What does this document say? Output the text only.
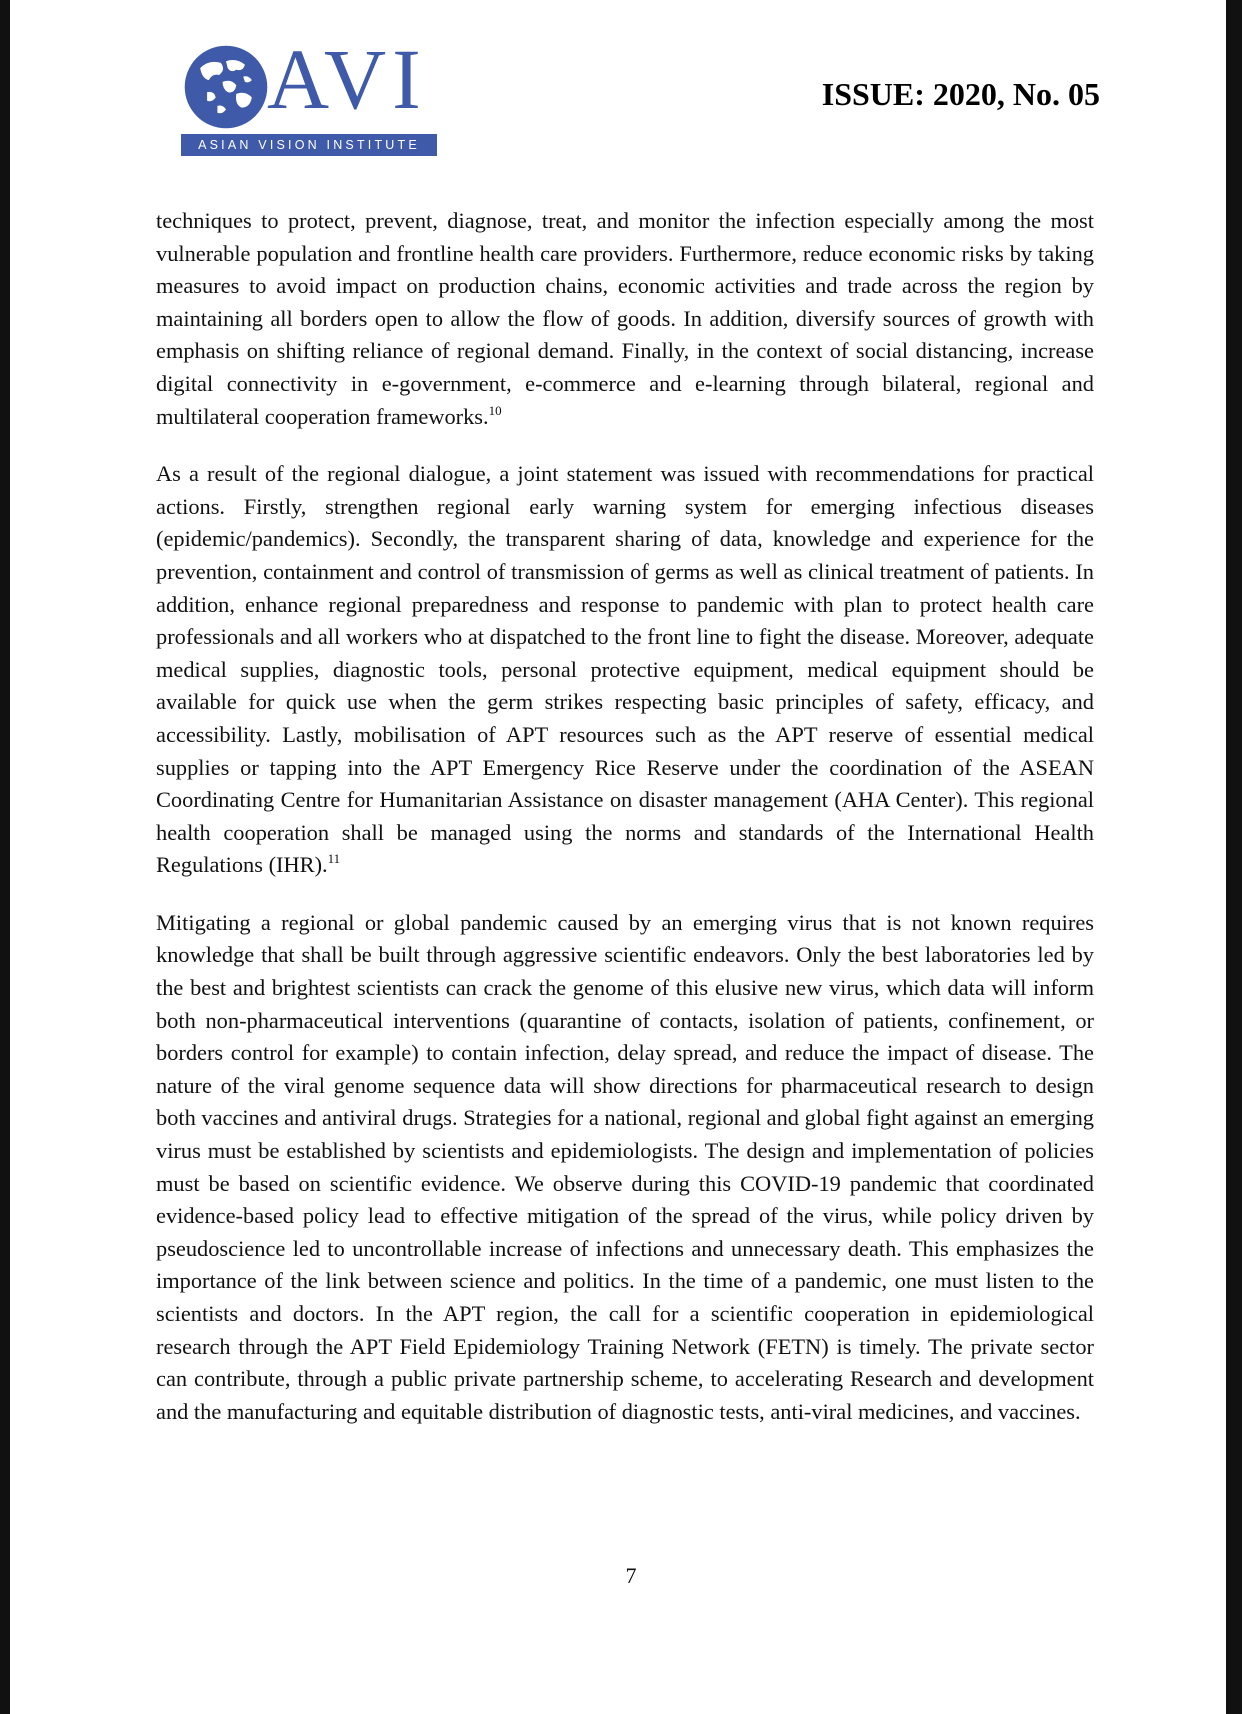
AVI
ASIAN VISION INSTITUTE
ISSUE: 2020, No. 05

techniques to protect, prevent, diagnose, treat, and monitor the infection especially among the most vulnerable population and frontline health care providers. Furthermore, reduce economic risks by taking measures to avoid impact on production chains, economic activities and trade across the region by maintaining all borders open to allow the flow of goods. In addition, diversify sources of growth with emphasis on shifting reliance of regional demand. Finally, in the context of social distancing, increase digital connectivity in e-government, e-commerce and e-learning through bilateral, regional and multilateral cooperation frameworks.$^{10}$

As a result of the regional dialogue, a joint statement was issued with recommendations for practical actions. Firstly, strengthen regional early warning system for emerging infectious diseases (epidemic/pandemics). Secondly, the transparent sharing of data, knowledge and experience for the prevention, containment and control of transmission of germs as well as clinical treatment of patients. In addition, enhance regional preparedness and response to pandemic with plan to protect health care professionals and all workers who at dispatched to the front line to fight the disease. Moreover, adequate medical supplies, diagnostic tools, personal protective equipment, medical equipment should be available for quick use when the germ strikes respecting basic principles of safety, efficacy, and accessibility. Lastly, mobilisation of APT resources such as the APT reserve of essential medical supplies or tapping into the APT Emergency Rice Reserve under the coordination of the ASEAN Coordinating Centre for Humanitarian Assistance on disaster management (AHA Center). This regional health cooperation shall be managed using the norms and standards of the International Health Regulations (IHR).$^{11}$

Mitigating a regional or global pandemic caused by an emerging virus that is not known requires knowledge that shall be built through aggressive scientific endeavors. Only the best laboratories led by the best and brightest scientists can crack the genome of this elusive new virus, which data will inform both non-pharmaceutical interventions (quarantine of contacts, isolation of patients, confinement, or borders control for example) to contain infection, delay spread, and reduce the impact of disease. The nature of the viral genome sequence data will show directions for pharmaceutical research to design both vaccines and antiviral drugs. Strategies for a national, regional and global fight against an emerging virus must be established by scientists and epidemiologists. The design and implementation of policies must be based on scientific evidence. We observe during this COVID-19 pandemic that coordinated evidence-based policy lead to effective mitigation of the spread of the virus, while policy driven by pseudoscience led to uncontrollable increase of infections and unnecessary death. This emphasizes the importance of the link between science and politics. In the time of a pandemic, one must listen to the scientists and doctors. In the APT region, the call for a scientific cooperation in epidemiological research through the APT Field Epidemiology Training Network (FETN) is timely. The private sector can contribute, through a public private partnership scheme, to accelerating Research and development and the manufacturing and equitable distribution of diagnostic tests, anti-viral medicines, and vaccines.

7
